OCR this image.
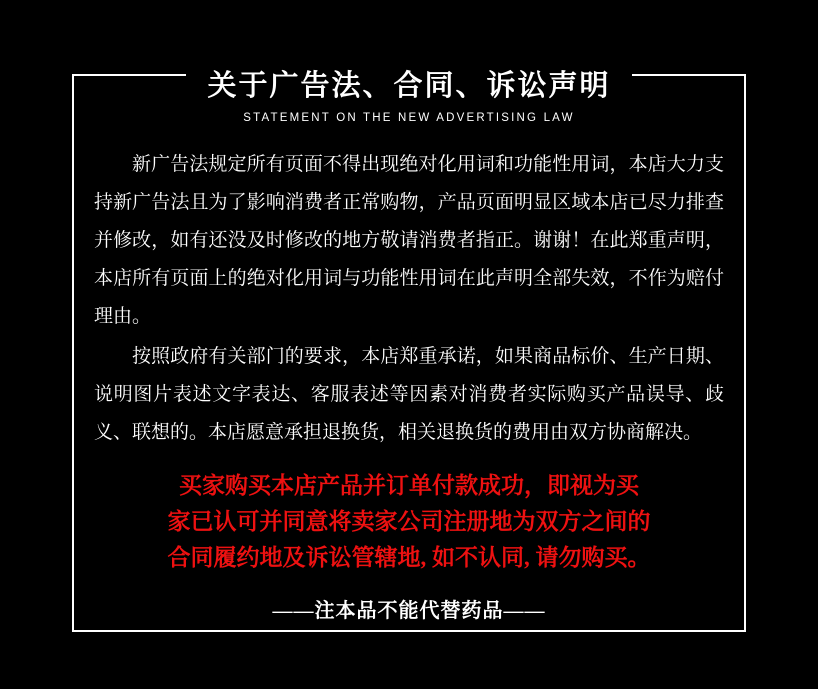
关于广告法、合同、诉讼声明
STATEMENT ON THE NEW ADVERTISING LAW

新广告法规定所有页面不得出现绝对化用词和功能性用词，本店大力支持新广告法且为了影响消费者正常购物，产品页面明显区域本店已尽力排查并修改，如有还没及时修改的地方敬请消费者指正。谢谢！在此郑重声明，本店所有页面上的绝对化用词与功能性用词在此声明全部失效，不作为赔付理由。

按照政府有关部门的要求，本店郑重承诺，如果商品标价、生产日期、说明图片表述文字表达、客服表述等因素对消费者实际购买产品误导、歧义、联想的。本店愿意承担退换货，相关退换货的费用由双方协商解决。

买家购买本店产品并订单付款成功，即视为买

家已认可并同意将卖家公司注册地为双方之间的

合同履约地及诉讼管辖地, 如不认同, 请勿购买。

——注本品不能代替药品——
